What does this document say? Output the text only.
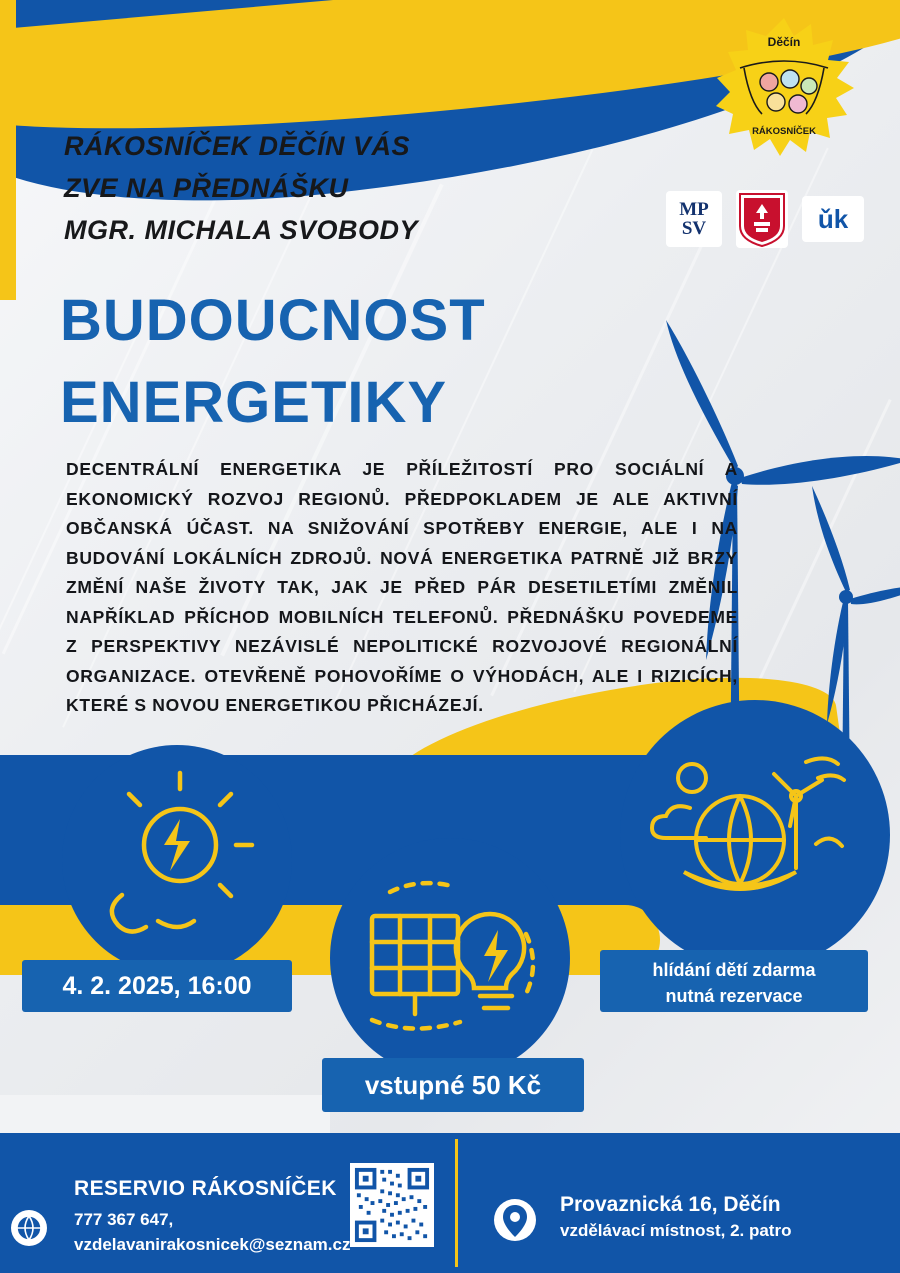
Děčín
RÁKOSNÍČEK
MP
SV	ǔk
RÁKOSNÍČEK DĚČÍN VÁS
ZVE NA PŘEDNÁŠKU
MGR. MICHALA SVOBODY
BUDOUCNOST
ENERGETIKY
DECENTRÁLNÍ ENERGETIKA JE PŘÍLEŽITOSTÍ PRO SOCIÁLNÍ A EKONOMICKÝ ROZVOJ REGIONŮ. PŘEDPOKLADEM JE ALE AKTIVNÍ OBČANSKÁ ÚČAST. NA SNIŽOVÁNÍ SPOTŘEBY ENERGIE, ALE I NA BUDOVÁNÍ LOKÁLNÍCH ZDROJŮ. NOVÁ ENERGETIKA PATRNĚ JIŽ BRZY ZMĚNÍ NAŠE ŽIVOTY TAK, JAK JE PŘED PÁR DESETILETÍMI ZMĚNIL NAPŘÍKLAD PŘÍCHOD MOBILNÍCH TELEFONŮ. PŘEDNÁŠKU POVEDEME Z PERSPEKTIVY NEZÁVISLÉ NEPOLITICKÉ ROZVOJOVÉ REGIONÁLNÍ ORGANIZACE. OTEVŘENĚ POHOVOŘÍME O VÝHODÁCH, ALE I RIZICÍCH, KTERÉ S NOVOU ENERGETIKOU PŘICHÁZEJÍ.
4. 2. 2025, 16:00
hlídání dětí zdarma
nutná rezervace
vstupné 50 Kč
RESERVIO RÁKOSNÍČEK
777 367 647,
vzdelavanirakosnicek@seznam.cz
Provaznická 16, Děčín
vzdělávací místnost, 2. patro
